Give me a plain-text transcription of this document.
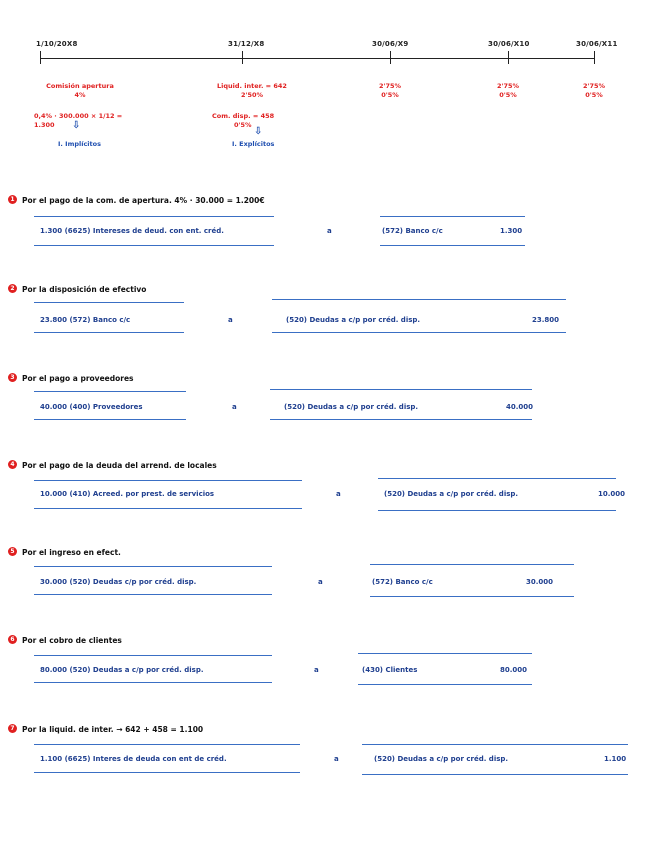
1/10/20X8	31/12/X8	30/06/X9	30/06/X10	30/06/X11
Comisión apertura
4%
Liquid. inter. = 642
2'50%
2'75%
0'5%
2'75%
0'5%
2'75%
0'5%
0,4% · 300.000 × 1/12 = 1.300
Com. disp. = 458
0'5%
⇩
⇩
I. Implícitos	I. Explícitos
1 Por el pago de la com. de apertura. 4% · 30.000 = 1.200€
1.300 (6625) Intereses de deud. con ent. créd.	a	(572) Banco c/c	1.300
2 Por la disposición de efectivo
23.800 (572) Banco c/c	a	(520) Deudas a c/p por créd. disp.	23.800
3 Por el pago a proveedores
40.000 (400) Proveedores	a	(520) Deudas a c/p por créd. disp.	40.000
4 Por el pago de la deuda del arrend. de locales
10.000 (410) Acreed. por prest. de servicios	a	(520) Deudas a c/p por créd. disp.	10.000
5 Por el ingreso en efect.
30.000 (520) Deudas c/p por créd. disp.	a	(572) Banco c/c	30.000
6 Por el cobro de clientes
80.000 (520) Deudas a c/p por créd. disp.	a	(430) Clientes	80.000
7 Por la liquid. de inter. → 642 + 458 = 1.100
1.100 (6625) Interes de deuda con ent de créd.	a	(520) Deudas a c/p por créd. disp.	1.100
